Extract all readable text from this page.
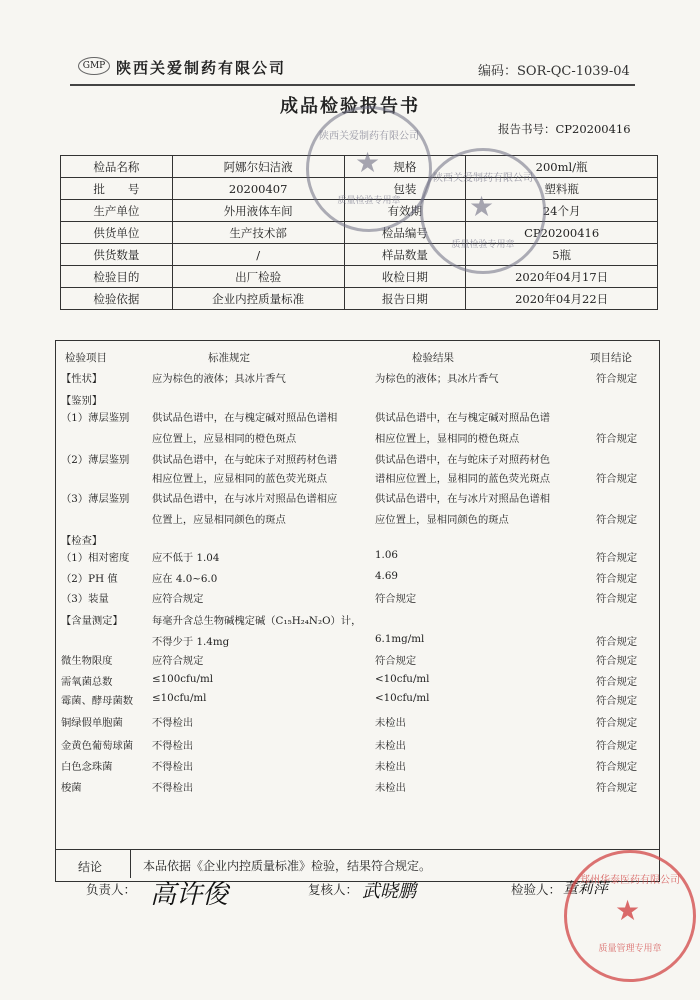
GMP 陕西关爱制药有限公司	编码：SOR-QC-1039-04
成品检验报告书
报告书号：CP20200416
检品名称	阿娜尔妇洁液	规格	200ml/瓶
批　　号	20200407	包装	塑料瓶
生产单位	外用液体车间	有效期	24个月
供货单位	生产技术部	检品编号	CP20200416
供货数量	/	样品数量	5瓶
检验目的	出厂检验	收检日期	2020年04月17日
检验依据	企业内控质量标准	报告日期	2020年04月22日
检验项目	标准规定	检验结果	项目结论
【性状】	应为棕色的液体；具冰片香气	为棕色的液体；具冰片香气	符合规定
【鉴别】
（1）薄层鉴别 供试品色谱中，在与槐定碱对照品色谱相	供试品色谱中，在与槐定碱对照品色谱
应位置上，应显相同的橙色斑点	相应位置上，显相同的橙色斑点	符合规定
（2）薄层鉴别 供试品色谱中，在与蛇床子对照药材色谱	供试品色谱中，在与蛇床子对照药材色
相应位置上，应显相同的蓝色荧光斑点	谱相应位置上，显相同的蓝色荧光斑点	符合规定
（3）薄层鉴别 供试品色谱中，在与冰片对照品色谱相应	供试品色谱中，在与冰片对照品色谱相
位置上，应显相同颜色的斑点	应位置上，显相同颜色的斑点	符合规定
【检查】
（1）相对密度 应不低于 1.04	1.06	符合规定
（2）PH 值	应在 4.0~6.0	4.69	符合规定
（3）装量	应符合规定	符合规定	符合规定
【含量测定】	每毫升含总生物碱槐定碱（C₁₅H₂₄N₂O）计，
不得少于 1.4mg	6.1mg/ml	符合规定
微生物限度	应符合规定	符合规定	符合规定
需氧菌总数	≤100cfu/ml	<10cfu/ml	符合规定
霉菌、酵母菌数 ≤10cfu/ml	<10cfu/ml	符合规定
铜绿假单胞菌	不得检出	未检出	符合规定
金黄色葡萄球菌 不得检出	未检出	符合规定
白色念珠菌	不得检出	未检出	符合规定
梭菌	不得检出	未检出	符合规定
结论	本品依据《企业内控质量标准》检验，结果符合规定。
负责人： 高许俊	复核人： 武晓鹏	检验人： 董莉萍
★
陕西关爱制药有限公司
质量检验专用章	★
陕西关爱制药有限公司
质量检验专用章
★
郑州华泰医药有限公司
质量管理专用章
